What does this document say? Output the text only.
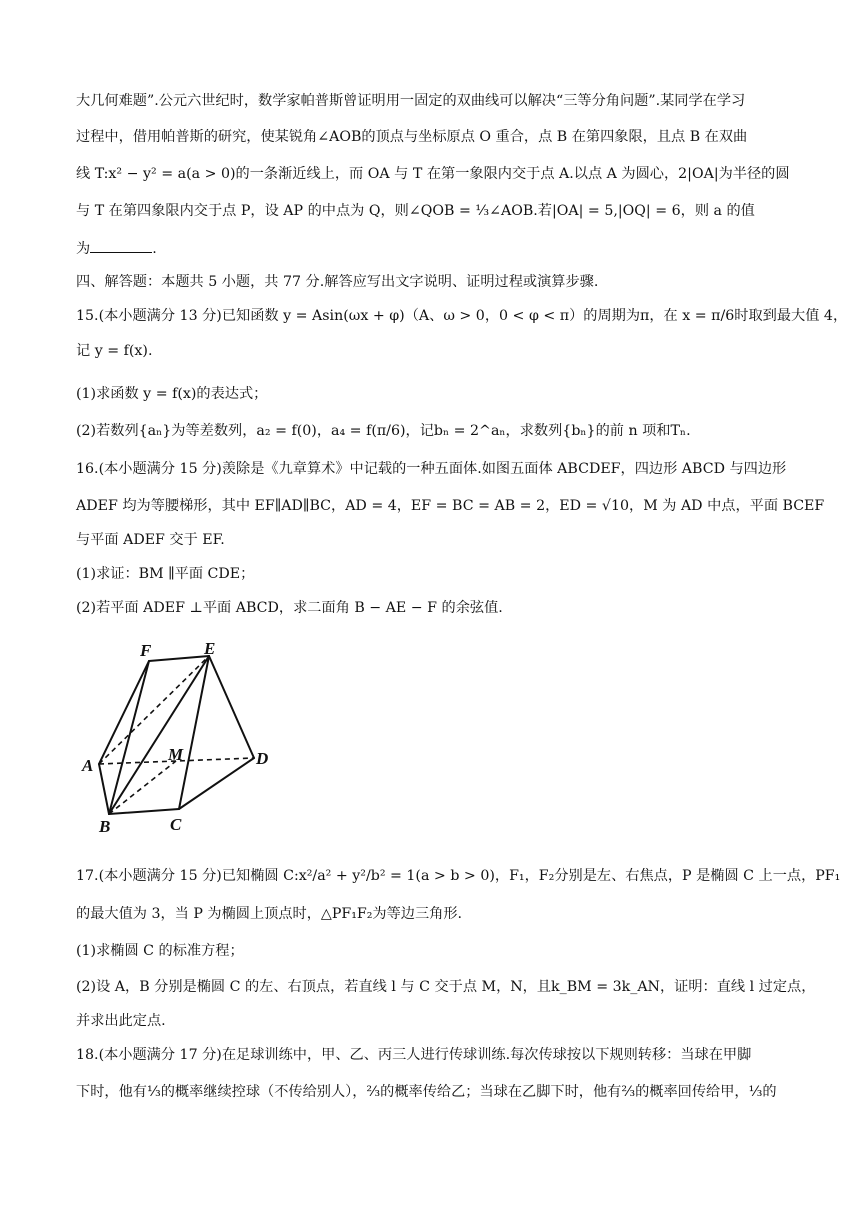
大几何难题”.公元六世纪时，数学家帕普斯曾证明用一固定的双曲线可以解决“三等分角问题”.某同学在学习
过程中，借用帕普斯的研究，使某锐角∠AOB的顶点与坐标原点 O 重合，点 B 在第四象限，且点 B 在双曲
线 T:x² − y² = a(a > 0)的一条渐近线上，而 OA 与 T 在第一象限内交于点 A.以点 A 为圆心，2|OA|为半径的圆
与 T 在第四象限内交于点 P，设 AP 的中点为 Q，则∠QOB = ⅓∠AOB.若|OA| = 5,|OQ| = 6，则 a 的值
为	.
四、解答题：本题共 5 小题，共 77 分.解答应写出文字说明、证明过程或演算步骤.
15.(本小题满分 13 分)已知函数 y = Asin(ωx + φ)（A、ω > 0，0 < φ < π）的周期为π，在 x = π/6时取到最大值 4，
记 y = f(x).
(1)求函数 y = f(x)的表达式；
(2)若数列{aₙ}为等差数列，a₂ = f(0)，a₄ = f(π/6)，记bₙ = 2^aₙ，求数列{bₙ}的前 n 项和Tₙ.
16.(本小题满分 15 分)羡除是《九章算术》中记载的一种五面体.如图五面体 ABCDEF，四边形 ABCD 与四边形
ADEF 均为等腰梯形，其中 EF∥AD∥BC，AD = 4，EF = BC = AB = 2，ED = √10，M 为 AD 中点，平面 BCEF
与平面 ADEF 交于 EF.
(1)求证：BM ∥平面 CDE；
(2)若平面 ADEF ⊥平面 ABCD，求二面角 B − AE − F 的余弦值.
F	E
A
M	D
B	C
17.(本小题满分 15 分)已知椭圆 C:x²/a² + y²/b² = 1(a > b > 0)，F₁，F₂分别是左、右焦点，P 是椭圆 C 上一点，PF₁
的最大值为 3，当 P 为椭圆上顶点时，△PF₁F₂为等边三角形.
(1)求椭圆 C 的标准方程；
(2)设 A，B 分别是椭圆 C 的左、右顶点，若直线 l 与 C 交于点 M，N，且k_BM = 3k_AN，证明：直线 l 过定点，
并求出此定点.
18.(本小题满分 17 分)在足球训练中，甲、乙、丙三人进行传球训练.每次传球按以下规则转移：当球在甲脚
下时，他有⅓的概率继续控球（不传给别人），⅔的概率传给乙；当球在乙脚下时，他有⅔的概率回传给甲，⅓的
